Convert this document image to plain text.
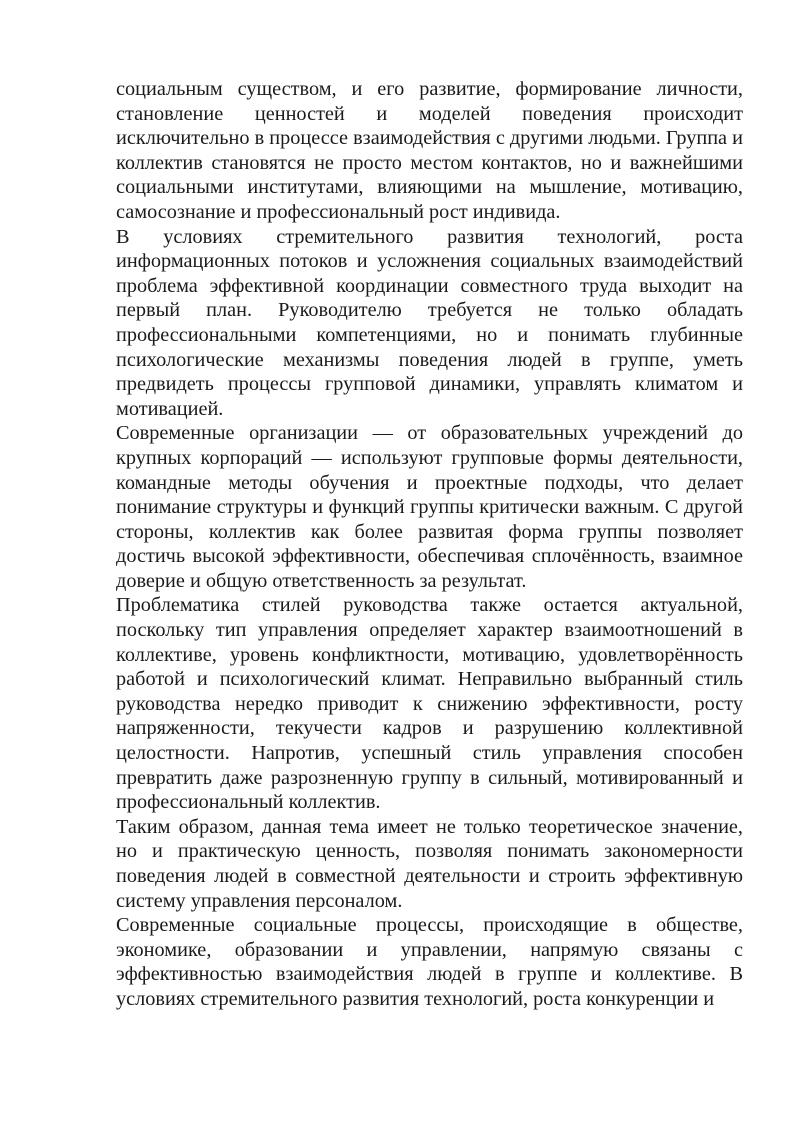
социальным существом, и его развитие, формирование личности, становление ценностей и моделей поведения происходит исключительно в процессе взаимодействия с другими людьми. Группа и коллектив становятся не просто местом контактов, но и важнейшими социальными институтами, влияющими на мышление, мотивацию, самосознание и профессиональный рост индивида.

В условиях стремительного развития технологий, роста информационных потоков и усложнения социальных взаимодействий проблема эффективной координации совместного труда выходит на первый план. Руководителю требуется не только обладать профессиональными компетенциями, но и понимать глубинные психологические механизмы поведения людей в группе, уметь предвидеть процессы групповой динамики, управлять климатом и мотивацией.

Современные организации — от образовательных учреждений до крупных корпораций — используют групповые формы деятельности, командные методы обучения и проектные подходы, что делает понимание структуры и функций группы критически важным. С другой стороны, коллектив как более развитая форма группы позволяет достичь высокой эффективности, обеспечивая сплочённость, взаимное доверие и общую ответственность за результат.

Проблематика стилей руководства также остается актуальной, поскольку тип управления определяет характер взаимоотношений в коллективе, уровень конфликтности, мотивацию, удовлетворённость работой и психологический климат. Неправильно выбранный стиль руководства нередко приводит к снижению эффективности, росту напряженности, текучести кадров и разрушению коллективной целостности. Напротив, успешный стиль управления способен превратить даже разрозненную группу в сильный, мотивированный и профессиональный коллектив.

Таким образом, данная тема имеет не только теоретическое значение, но и практическую ценность, позволяя понимать закономерности поведения людей в совместной деятельности и строить эффективную систему управления персоналом.

Современные социальные процессы, происходящие в обществе, экономике, образовании и управлении, напрямую связаны с эффективностью взаимодействия людей в группе и коллективе. В условиях стремительного развития технологий, роста конкуренции и
